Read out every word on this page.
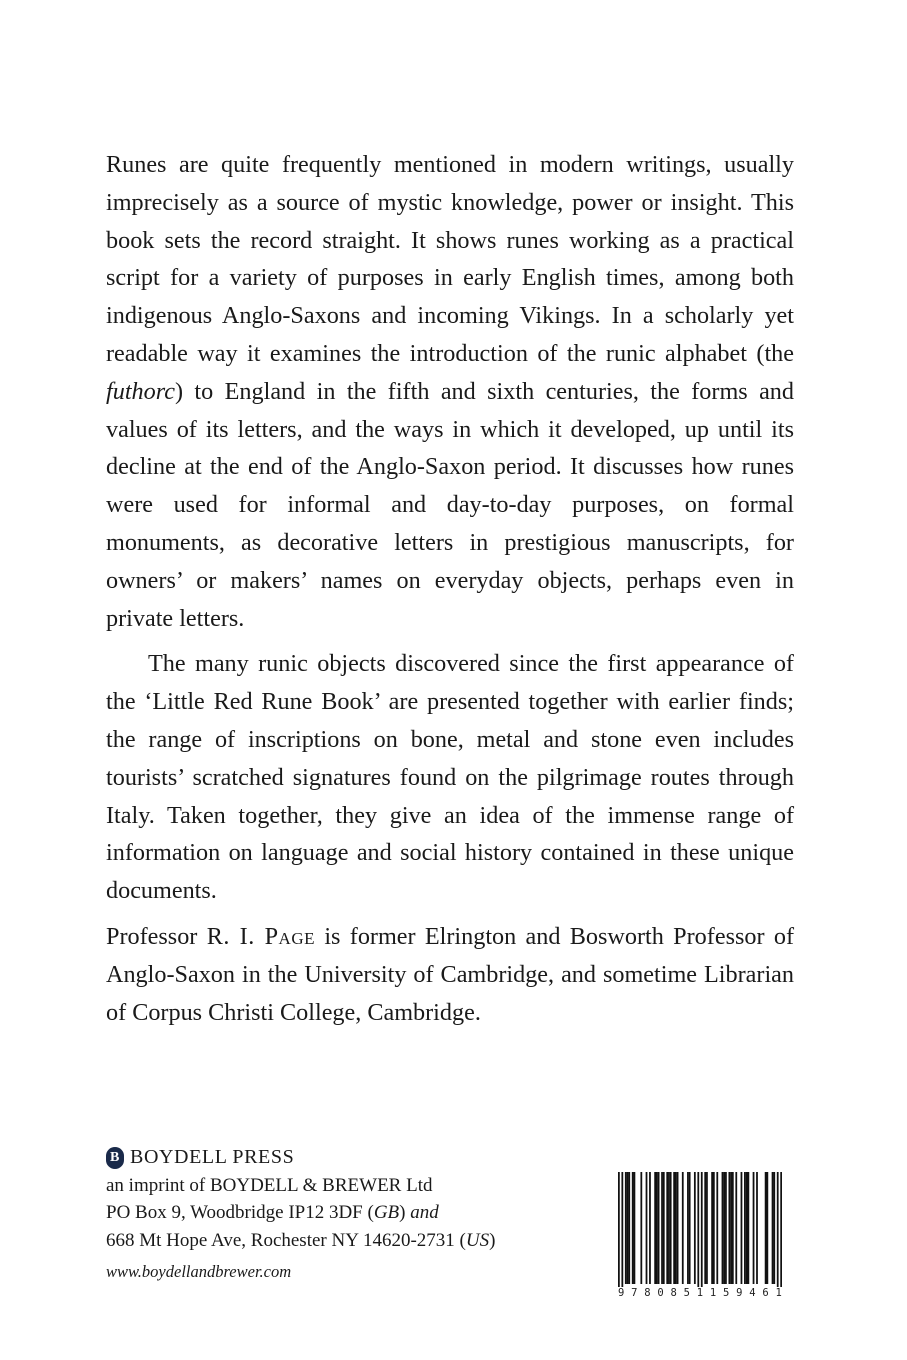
Runes are quite frequently mentioned in modern writings, usually imprecisely as a source of mystic knowledge, power or insight. This book sets the record straight. It shows runes working as a practical script for a variety of purposes in early English times, among both indigenous Anglo-Saxons and incoming Vikings. In a scholarly yet readable way it examines the introduction of the runic alphabet (the futhorc) to England in the fifth and sixth centuries, the forms and values of its letters, and the ways in which it developed, up until its decline at the end of the Anglo-Saxon period. It discusses how runes were used for informal and day-to-day purposes, on formal monuments, as decorative letters in prestigious manuscripts, for owners’ or makers’ names on everyday objects, perhaps even in private letters.

The many runic objects discovered since the first appearance of the ‘Little Red Rune Book’ are presented together with earlier finds; the range of inscriptions on bone, metal and stone even includes tourists’ scratched signatures found on the pilgrimage routes through Italy. Taken together, they give an idea of the immense range of information on language and social history contained in these unique documents.

Professor R. I. Page is former Elrington and Bosworth Professor of Anglo-Saxon in the University of Cambridge, and sometime Librarian of Corpus Christi College, Cambridge.

B BOYDELL PRESS
an imprint of BOYDELL & BREWER Ltd
PO Box 9, Woodbridge IP12 3DF (GB) and
668 Mt Hope Ave, Rochester NY 14620-2731 (US)
www.boydellandbrewer.com
9 7 8 0 8 5 1 1 5 9 4 6 1
